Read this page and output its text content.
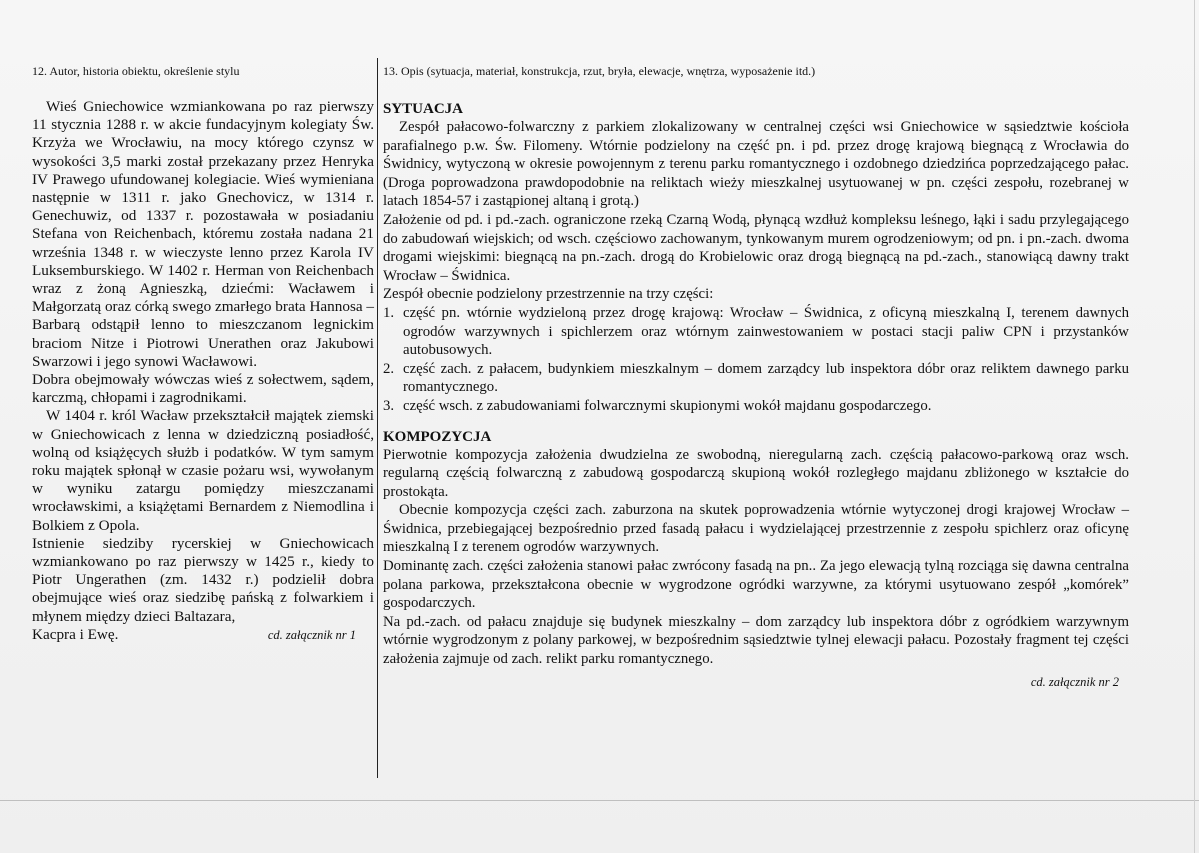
12. Autor, historia obiektu, określenie stylu	13. Opis (sytuacja, materiał, konstrukcja, rzut, bryła, elewacje, wnętrza, wyposażenie itd.)

Wieś Gniechowice wzmiankowana po raz pierwszy 11 stycznia 1288 r. w akcie fundacyjnym kolegiaty Św. Krzyża we Wrocławiu, na mocy którego czynsz w wysokości 3,5 marki został przekazany przez Henryka IV Prawego ufundowanej kolegiacie. Wieś wymieniana następnie w 1311 r. jako Gnechovicz, w 1314 r. Genechuwiz, od 1337 r. pozostawała w posiadaniu Stefana von Reichenbach, któremu została nadana 21 września 1348 r. w wieczyste lenno przez Karola IV Luksemburskiego. W 1402 r. Herman von Reichenbach wraz z żoną Agnieszką, dziećmi: Wacławem i Małgorzatą oraz córką swego zmarłego brata Hannosa – Barbarą odstąpił lenno to mieszczanom legnickim braciom Nitze i Piotrowi Unerathen oraz Jakubowi Swarzowi i jego synowi Wacławowi.

Dobra obejmowały wówczas wieś z sołectwem, sądem, karczmą, chłopami i zagrodnikami.

W 1404 r. król Wacław przekształcił majątek ziemski w Gniechowicach z lenna w dziedziczną posiadłość, wolną od książęcych służb i podatków. W tym samym roku majątek spłonął w czasie pożaru wsi, wywołanym w wyniku zatargu pomiędzy mieszczanami wrocławskimi, a książętami Bernardem z Niemodlina i Bolkiem z Opola.

Istnienie siedziby rycerskiej w Gniechowicach wzmiankowano po raz pierwszy w 1425 r., kiedy to Piotr Ungerathen (zm. 1432 r.) podzielił dobra obejmujące wieś oraz siedzibę pańską z folwarkiem i młynem między dzieci Baltazara,

Kacpra i Ewę.	cd. załącznik nr 1

SYTUACJA

Zespół pałacowo-folwarczny z parkiem zlokalizowany w centralnej części wsi Gniechowice w sąsiedztwie kościoła parafialnego p.w. Św. Filomeny. Wtórnie podzielony na część pn. i pd. przez drogę krajową biegnącą z Wrocławia do Świdnicy, wytyczoną w okresie powojennym z terenu parku romantycznego i ozdobnego dziedzińca poprzedzającego pałac. (Droga poprowadzona prawdopodobnie na reliktach wieży mieszkalnej usytuowanej w pn. części zespołu, rozebranej w latach 1854-57 i zastąpionej altaną i grotą.)

Założenie od pd. i pd.-zach. ograniczone rzeką Czarną Wodą, płynącą wzdłuż kompleksu leśnego, łąki i sadu przylegającego do zabudowań wiejskich; od wsch. częściowo zachowanym, tynkowanym murem ogrodzeniowym; od pn. i pn.-zach. dwoma drogami wiejskimi: biegnącą na pn.-zach. drogą do Krobielowic oraz drogą biegnącą na pd.-zach., stanowiącą dawny trakt Wrocław – Świdnica.

Zespół obecnie podzielony przestrzennie na trzy części:

1. część pn. wtórnie wydzieloną przez drogę krajową: Wrocław – Świdnica, z oficyną mieszkalną I, terenem dawnych ogrodów warzywnych i spichlerzem oraz wtórnym zainwestowaniem w postaci stacji paliw CPN i przystanków autobusowych.
2. część zach. z pałacem, budynkiem mieszkalnym – domem zarządcy lub inspektora dóbr oraz reliktem dawnego parku romantycznego.
3. część wsch. z zabudowaniami folwarcznymi skupionymi wokół majdanu gospodarczego.
KOMPOZYCJA

Pierwotnie kompozycja założenia dwudzielna ze swobodną, nieregularną zach. częścią pałacowo-parkową oraz wsch. regularną częścią folwarczną z zabudową gospodarczą skupioną wokół rozległego majdanu zbliżonego w kształcie do prostokąta.

Obecnie kompozycja części zach. zaburzona na skutek poprowadzenia wtórnie wytyczonej drogi krajowej Wrocław – Świdnica, przebiegającej bezpośrednio przed fasadą pałacu i wydzielającej przestrzennie z zespołu spichlerz oraz oficynę mieszkalną I z terenem ogrodów warzywnych.

Dominantę zach. części założenia stanowi pałac zwrócony fasadą na pn.. Za jego elewacją tylną rozciąga się dawna centralna polana parkowa, przekształcona obecnie w wygrodzone ogródki warzywne, za którymi usytuowano zespół „komórek” gospodarczych.

Na pd.-zach. od pałacu znajduje się budynek mieszkalny – dom zarządcy lub inspektora dóbr z ogródkiem warzywnym wtórnie wygrodzonym z polany parkowej, w bezpośrednim sąsiedztwie tylnej elewacji pałacu. Pozostały fragment tej części założenia zajmuje od zach. relikt parku romantycznego.

cd. załącznik nr 2
